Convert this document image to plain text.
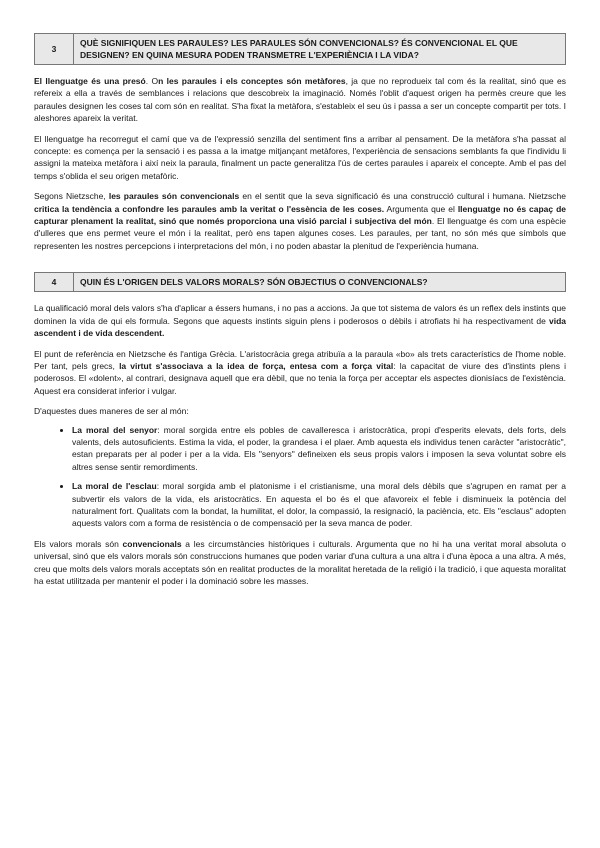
3
QUÈ SIGNIFIQUEN LES PARAULES? LES PARAULES SÓN CONVENCIONALS? ÉS CONVENCIONAL EL QUE DESIGNEN? EN QUINA MESURA PODEN TRANSMETRE L'EXPERIÈNCIA I LA VIDA?

El llenguatge és una presó. On les paraules i els conceptes són metàfores, ja que no reprodueix tal com és la realitat, sinó que es refereix a ella a través de semblances i relacions que descobreix la imaginació. Només l'oblit d'aquest origen ha permès creure que les paraules designen les coses tal com són en realitat. S'ha fixat la metàfora, s'estableix el seu ús i passa a ser un concepte compartit per tots. I aleshores apareix la veritat.

El llenguatge ha recorregut el camí que va de l'expressió senzilla del sentiment fins a arribar al pensament. De la metàfora s'ha passat al concepte: es comença per la sensació i es passa a la imatge mitjançant metàfores, l'experiència de sensacions semblants fa que l'individu li assigni la mateixa metàfora i així neix la paraula, finalment un pacte generalitza l'ús de certes paraules i apareix el concepte. Amb el pas del temps s'oblida el seu origen metafòric.

Segons Nietzsche, les paraules són convencionals en el sentit que la seva significació és una construcció cultural i humana. Nietzsche critica la tendència a confondre les paraules amb la veritat o l'essència de les coses. Argumenta que el llenguatge no és capaç de capturar plenament la realitat, sinó que només proporciona una visió parcial i subjectiva del món. El llenguatge és com una espècie d'ulleres que ens permet veure el món i la realitat, però ens tapen algunes coses. Les paraules, per tant, no són més que símbols que representen les nostres percepcions i interpretacions del món, i no poden abastar la plenitud de l'experiència humana.

4	QUIN ÉS L'ORIGEN DELS VALORS MORALS? SÓN OBJECTIUS O CONVENCIONALS?

La qualificació moral dels valors s'ha d'aplicar a éssers humans, i no pas a accions. Ja que tot sistema de valors és un reflex dels instints que dominen la vida de qui els formula. Segons que aquests instints siguin plens i poderosos o dèbils i atrofiats hi ha respectivament de vida ascendent i de vida descendent.

El punt de referència en Nietzsche és l'antiga Grècia. L'aristocràcia grega atribuïa a la paraula «bo» als trets característics de l'home noble. Per tant, pels grecs, la virtut s'associava a la idea de força, entesa com a força vital: la capacitat de viure des d'instints plens i poderosos. El «dolent», al contrari, designava aquell que era dèbil, que no tenia la força per acceptar els aspectes dionisíacs de l'existència. Aquest era considerat inferior i vulgar.

D'aquestes dues maneres de ser al món:

• La moral del senyor: moral sorgida entre els pobles de cavalleresca i aristocràtica, propi d'esperits elevats, dels forts, dels valents, dels autosuficients. Estima la vida, el poder, la grandesa i el plaer. Amb aquesta els individus tenen caràcter "aristocràtic", estan preparats per al poder i per a la vida. Els "senyors" defineixen els seus propis valors i imposen la seva voluntat sobre els altres sense sentir remordiments.
• La moral de l'esclau: moral sorgida amb el platonisme i el cristianisme, una moral dels dèbils que s'agrupen en ramat per a subvertir els valors de la vida, els aristocràtics. En aquesta el bo és el que afavoreix el feble i disminueix la potència del naturalment fort. Qualitats com la bondat, la humilitat, el dolor, la compassió, la resignació, la paciència, etc. Els "esclaus" adopten aquests valors com a forma de resistència o de compensació per la seva manca de poder.

Els valors morals són convencionals a les circumstàncies històriques i culturals. Argumenta que no hi ha una veritat moral absoluta o universal, sinó que els valors morals són construccions humanes que poden variar d'una cultura a una altra i d'una època a una altra. A més, creu que molts dels valors morals acceptats són en realitat productes de la moralitat heretada de la religió i la tradició, i que aquesta moralitat ha estat utilitzada per mantenir el poder i la dominació sobre les masses.
